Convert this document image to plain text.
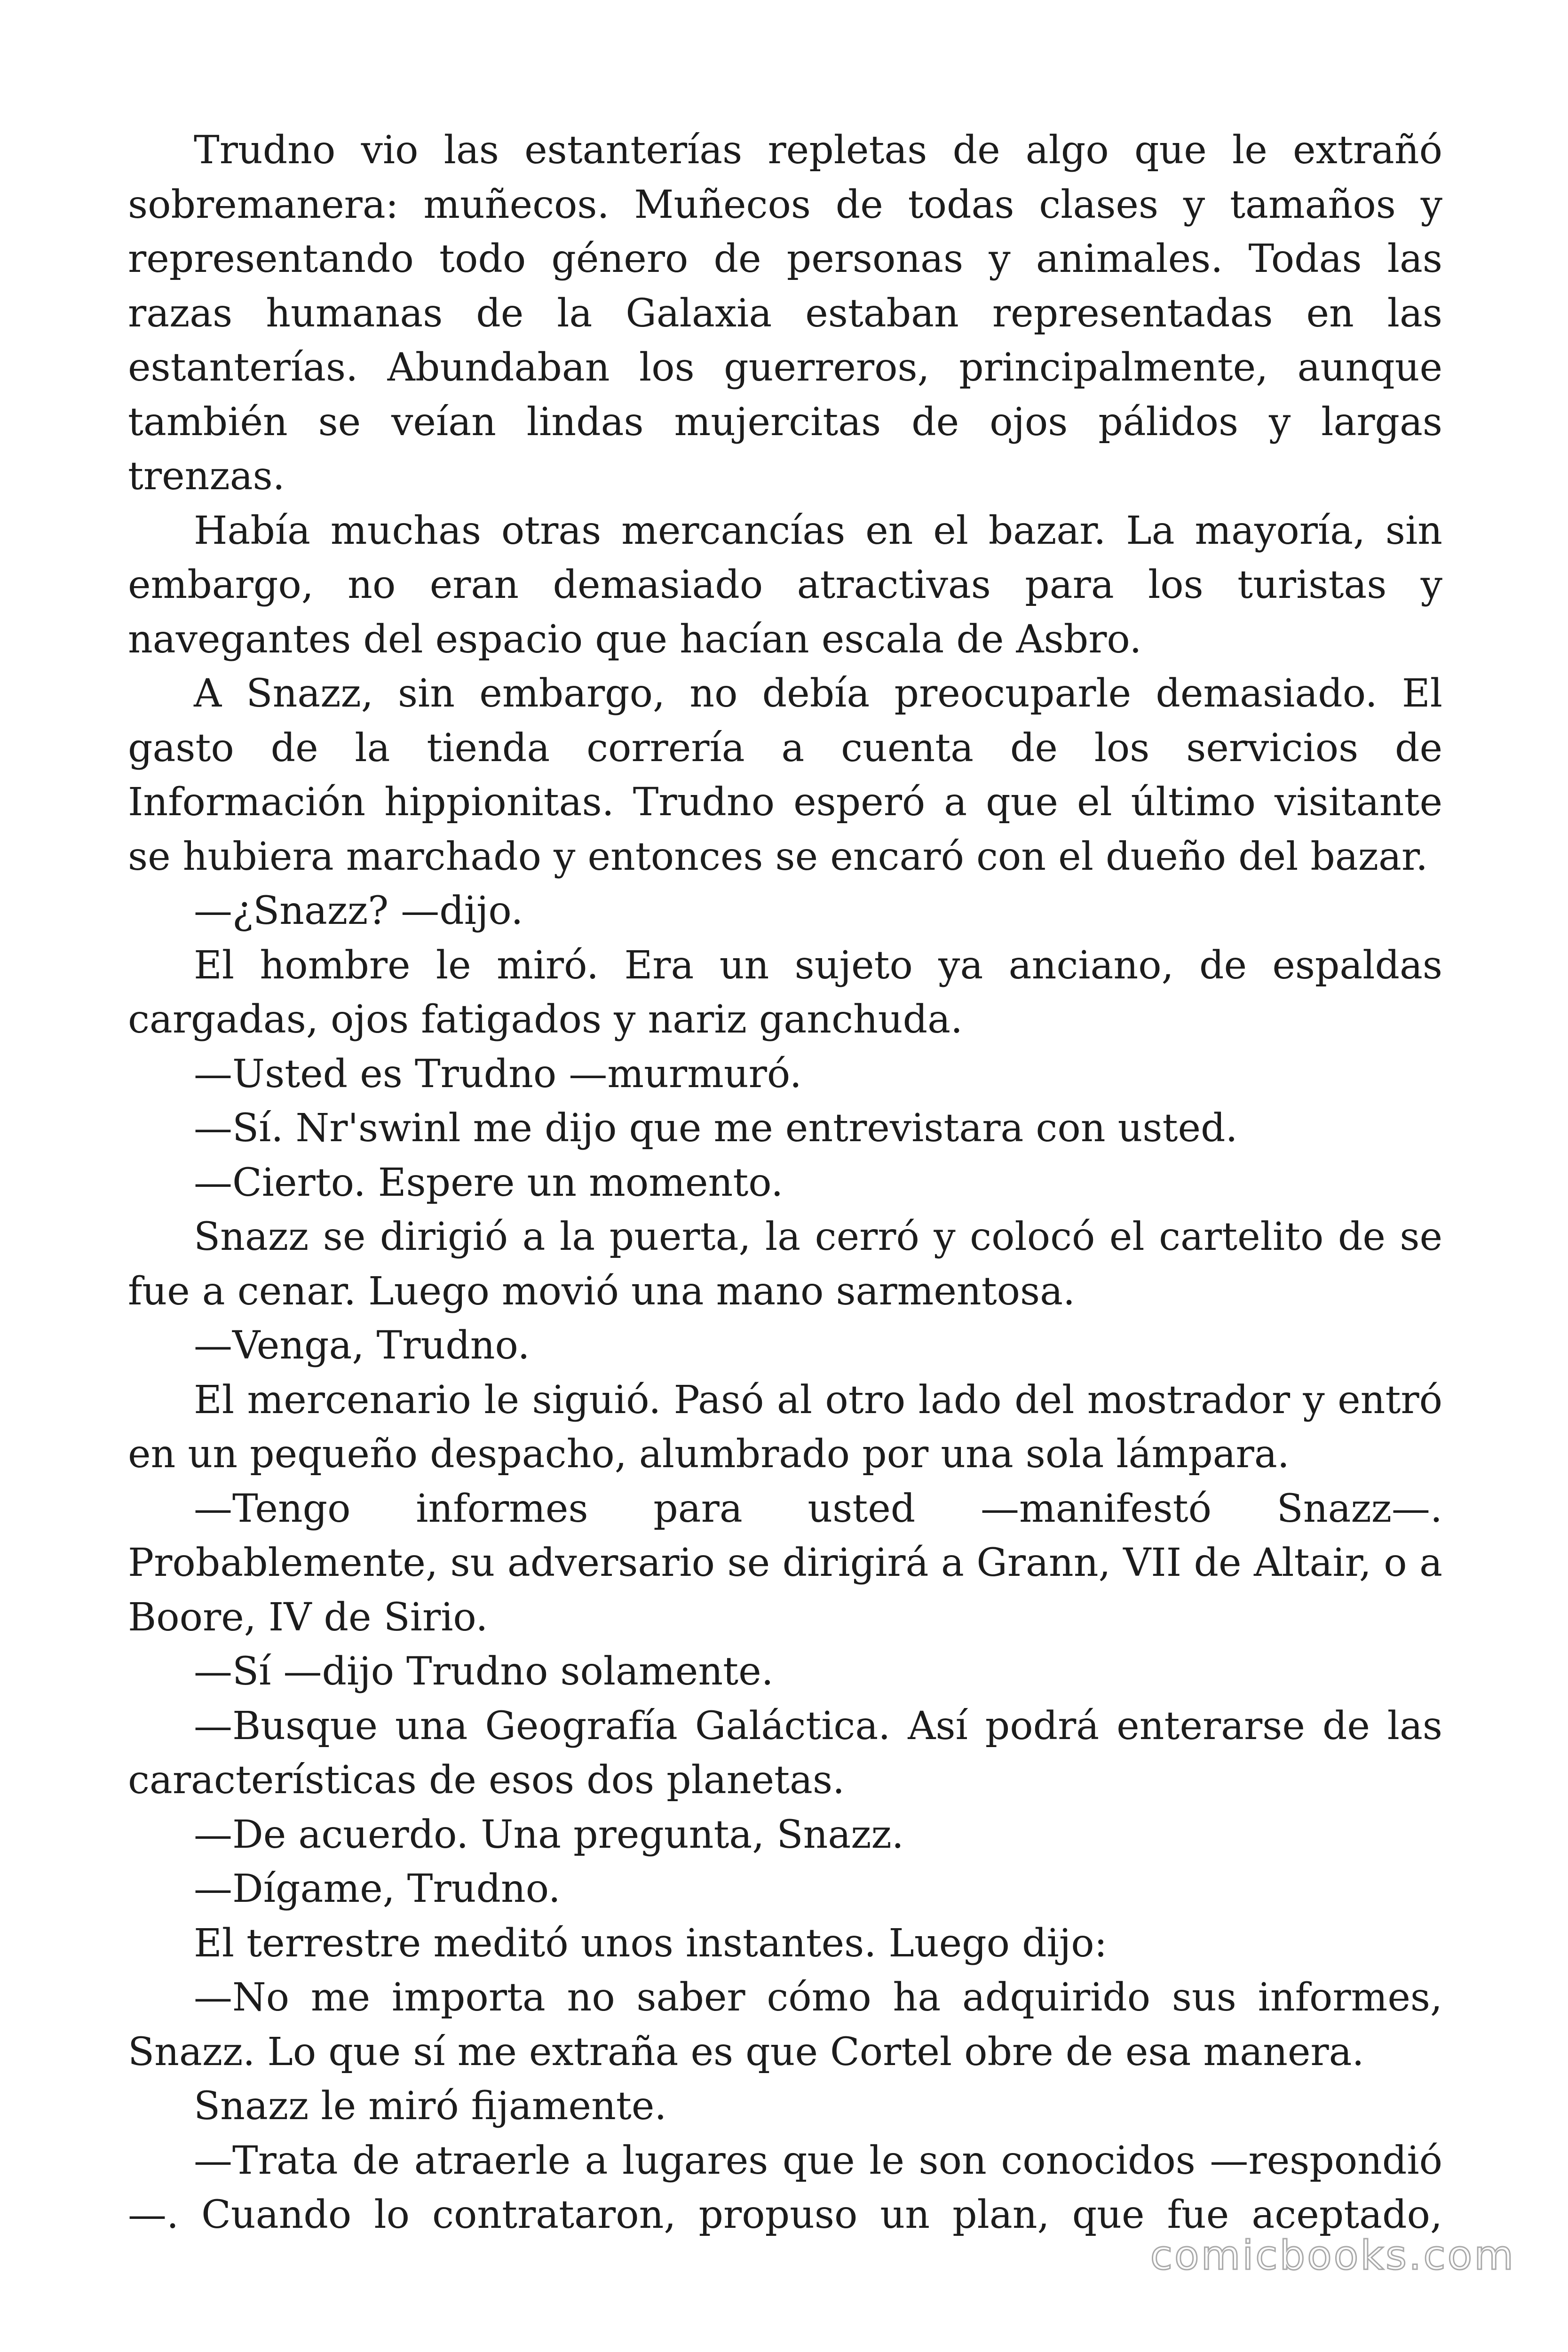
Trudno vio las estanterías repletas de algo que le extrañó sobremanera: muñecos. Muñecos de todas clases y tamaños y representando todo género de personas y animales. Todas las razas humanas de la Galaxia estaban representadas en las estanterías. Abundaban los guerreros, principalmente, aunque también se veían lindas mujercitas de ojos pálidos y largas trenzas.

Había muchas otras mercancías en el bazar. La mayoría, sin embargo, no eran demasiado atractivas para los turistas y navegantes del espacio que hacían escala de Asbro.

A Snazz, sin embargo, no debía preocuparle demasiado. El gasto de la tienda correría a cuenta de los servicios de Información hippionitas. Trudno esperó a que el último visitante se hubiera marchado y entonces se encaró con el dueño del bazar.

—¿Snazz? —dijo.

El hombre le miró. Era un sujeto ya anciano, de espaldas cargadas, ojos fatigados y nariz ganchuda.

—Usted es Trudno —murmuró.

—Sí. Nr'swinl me dijo que me entrevistara con usted.

—Cierto. Espere un momento.

Snazz se dirigió a la puerta, la cerró y colocó el cartelito de se fue a cenar. Luego movió una mano sarmentosa.

—Venga, Trudno.

El mercenario le siguió. Pasó al otro lado del mostrador y entró en un pequeño despacho, alumbrado por una sola lámpara.

—Tengo informes para usted —manifestó Snazz—. Probablemente, su adversario se dirigirá a Grann, VII de Altair, o a Boore, IV de Sirio.

—Sí —dijo Trudno solamente.

—Busque una Geografía Galáctica. Así podrá enterarse de las características de esos dos planetas.

—De acuerdo. Una pregunta, Snazz.

—Dígame, Trudno.

El terrestre meditó unos instantes. Luego dijo:

—No me importa no saber cómo ha adquirido sus informes, Snazz. Lo que sí me extraña es que Cortel obre de esa manera.

Snazz le miró fijamente.

—Trata de atraerle a lugares que le son conocidos —respondió —. Cuando lo contrataron, propuso un plan, que fue aceptado,

comicbooks.com
